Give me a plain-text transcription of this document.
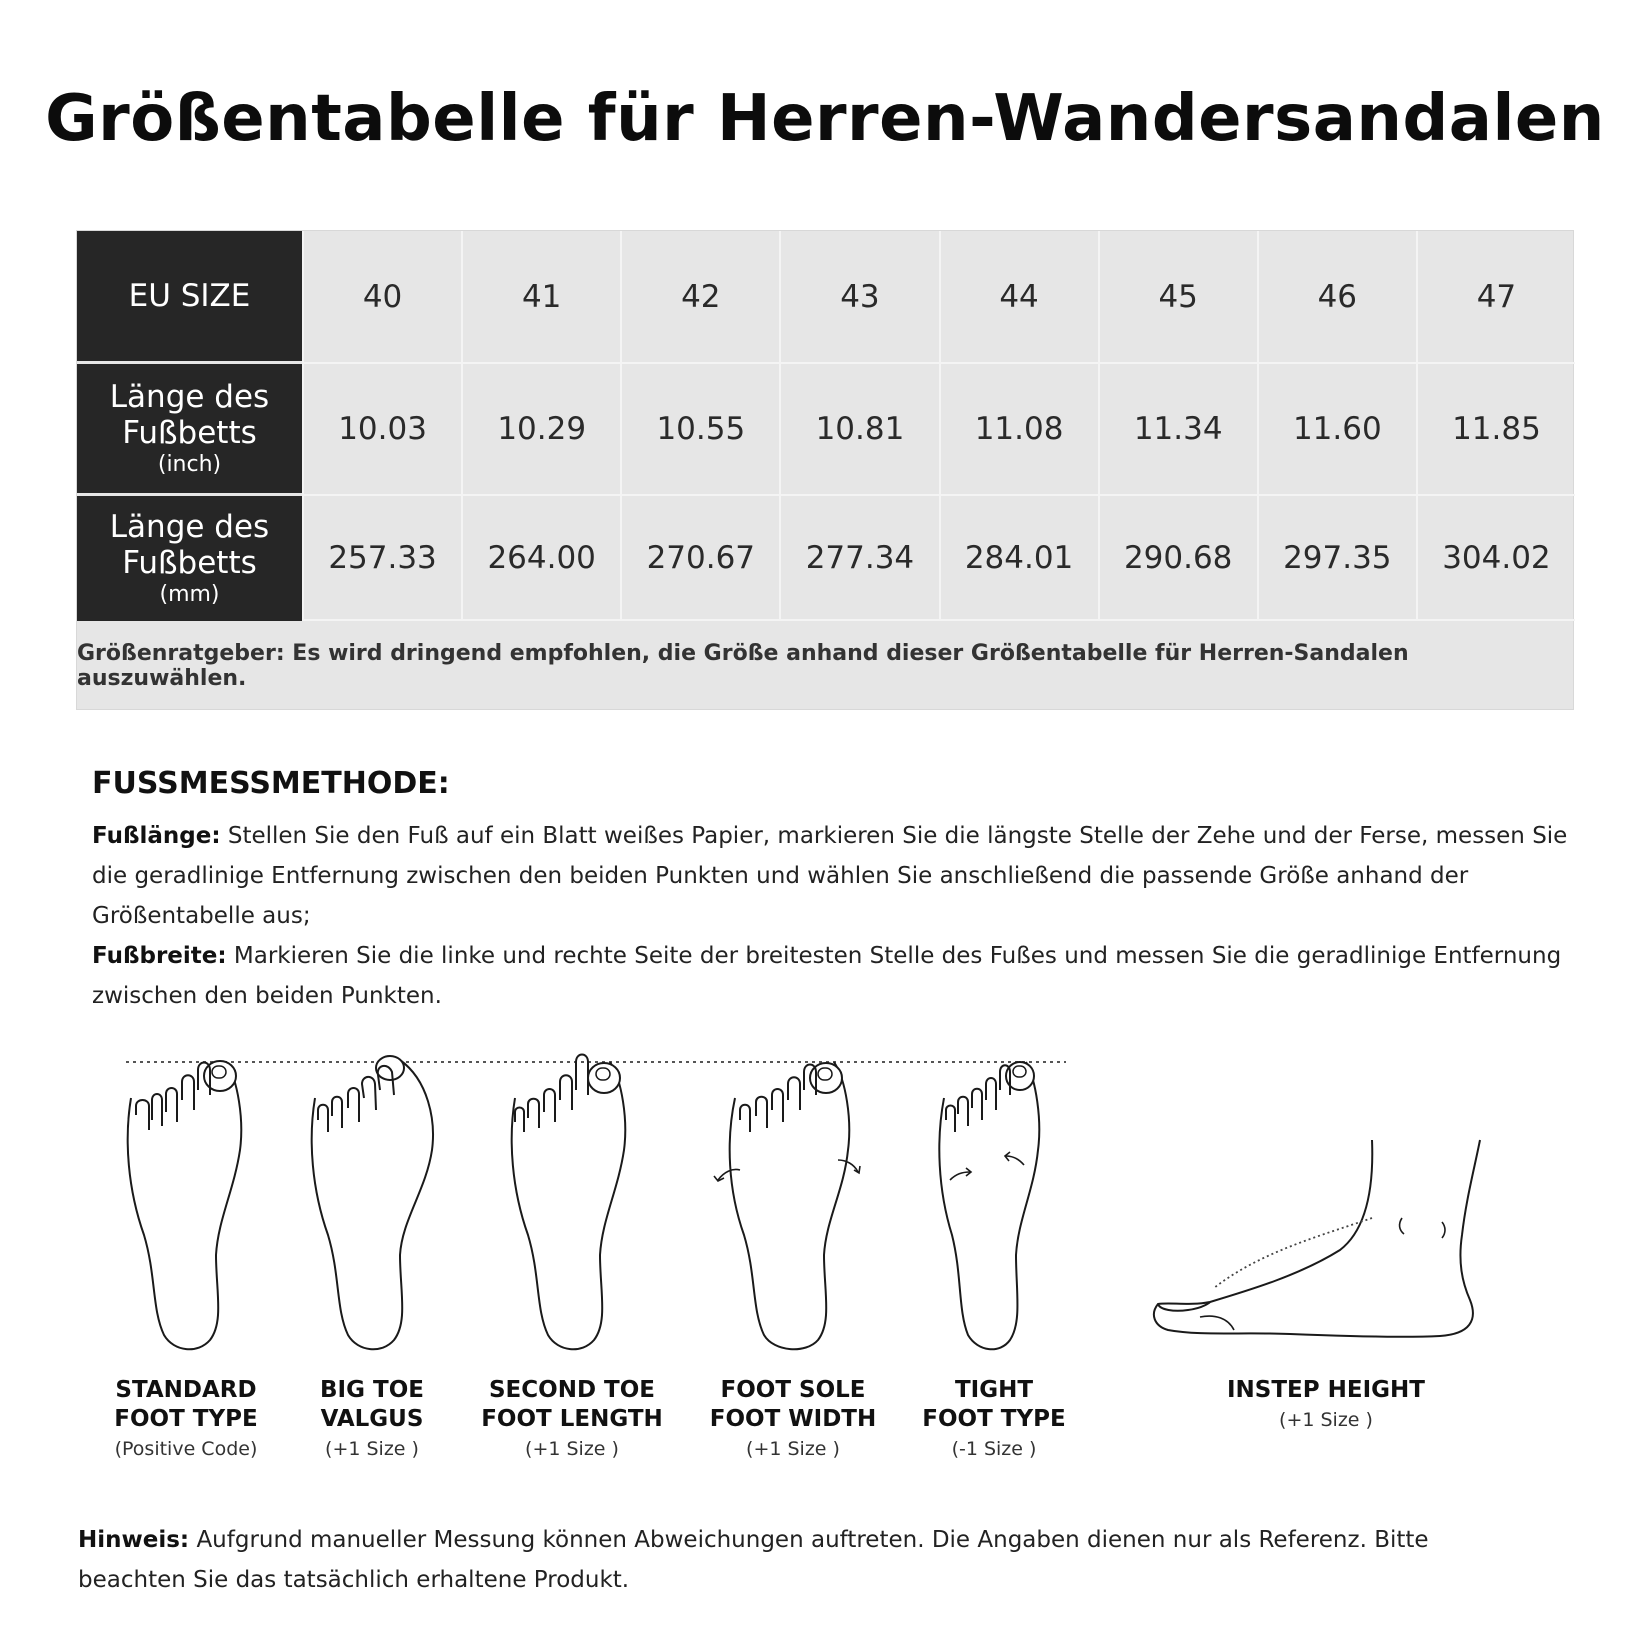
Größentabelle für Herren-Wandersandalen
EU SIZE	40	41	42	43	44	45	46	47
Länge des
Fußbetts
(inch)
10.03	10.29	10.55	10.81	11.08	11.34	11.60	11.85
Länge des
Fußbetts
(mm)
257.33	264.00	270.67	277.34	284.01	290.68	297.35	304.02
Größenratgeber: Es wird dringend empfohlen, die Größe anhand dieser Größentabelle für Herren-Sandalen auszuwählen.
FUSSMESSMETHODE:
Fußlänge: Stellen Sie den Fuß auf ein Blatt weißes Papier, markieren Sie die längste Stelle der Zehe und der Ferse, messen Sie die geradlinige Entfernung zwischen den beiden Punkten und wählen Sie anschließend die passende Größe anhand der Größentabelle aus;
Fußbreite: Markieren Sie die linke und rechte Seite der breitesten Stelle des Fußes und messen Sie die geradlinige Entfernung zwischen den beiden Punkten.
STANDARD
FOOT TYPE
(Positive Code)
BIG TOE
VALGUS
(+1 Size )
SECOND TOE
FOOT LENGTH
(+1 Size )
FOOT SOLE
FOOT WIDTH
(+1 Size )
TIGHT
FOOT TYPE
(-1 Size )
INSTEP HEIGHT
(+1 Size )
Hinweis: Aufgrund manueller Messung können Abweichungen auftreten. Die Angaben dienen nur als Referenz. Bitte beachten Sie das tatsächlich erhaltene Produkt.
